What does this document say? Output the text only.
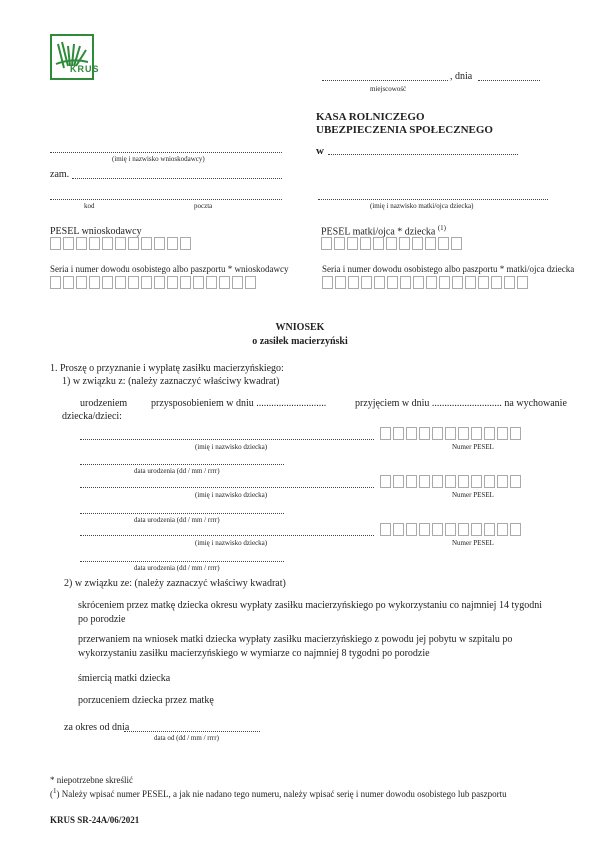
KRUS
, dnia
miejscowość
KASA ROLNICZEGO
UBEZPIECZENIA SPOŁECZNEGO
w
(imię i nazwisko wnioskodawcy)
zam.
kod	poczta	(imię i nazwisko matki/ojca dziecka)
PESEL wnioskodawcy	PESEL matki/ojca * dziecka $^{(1)}$
Seria i numer dowodu osobistego albo paszportu * wnioskodawcy	Seria i numer dowodu osobistego albo paszportu * matki/ojca dziecka
WNIOSEK
o zasiłek macierzyński
1. Proszę o przyznanie i wypłatę zasiłku macierzyńskiego:
1) w związku z: (należy zaznaczyć właściwy kwadrat)
urodzeniem przysposobieniem w dniu ............................	przyjęciem w dniu ............................ na wychowanie
dziecka/dzieci:
(imię i nazwisko dziecka)	Numer PESEL
data urodzenia (dd / mm / rrrr)
(imię i nazwisko dziecka)	Numer PESEL
data urodzenia (dd / mm / rrrr)
(imię i nazwisko dziecka)	Numer PESEL
data urodzenia (dd / mm / rrrr)
2) w związku ze: (należy zaznaczyć właściwy kwadrat)
skróceniem przez matkę dziecka okresu wypłaty zasiłku macierzyńskiego po wykorzystaniu co najmniej 14 tygodni po porodzie
przerwaniem na wniosek matki dziecka wypłaty zasiłku macierzyńskiego z powodu jej pobytu w szpitalu po wykorzystaniu zasiłku macierzyńskiego w wymiarze co najmniej 8 tygodni po porodzie
śmiercią matki dziecka
porzuceniem dziecka przez matkę
za okres od dnia
data od (dd / mm / rrrr)
* niepotrzebne skreślić
($^1$) Należy wpisać numer PESEL, a jak nie nadano tego numeru, należy wpisać serię i numer dowodu osobistego lub paszportu
KRUS SR-24A/06/2021
